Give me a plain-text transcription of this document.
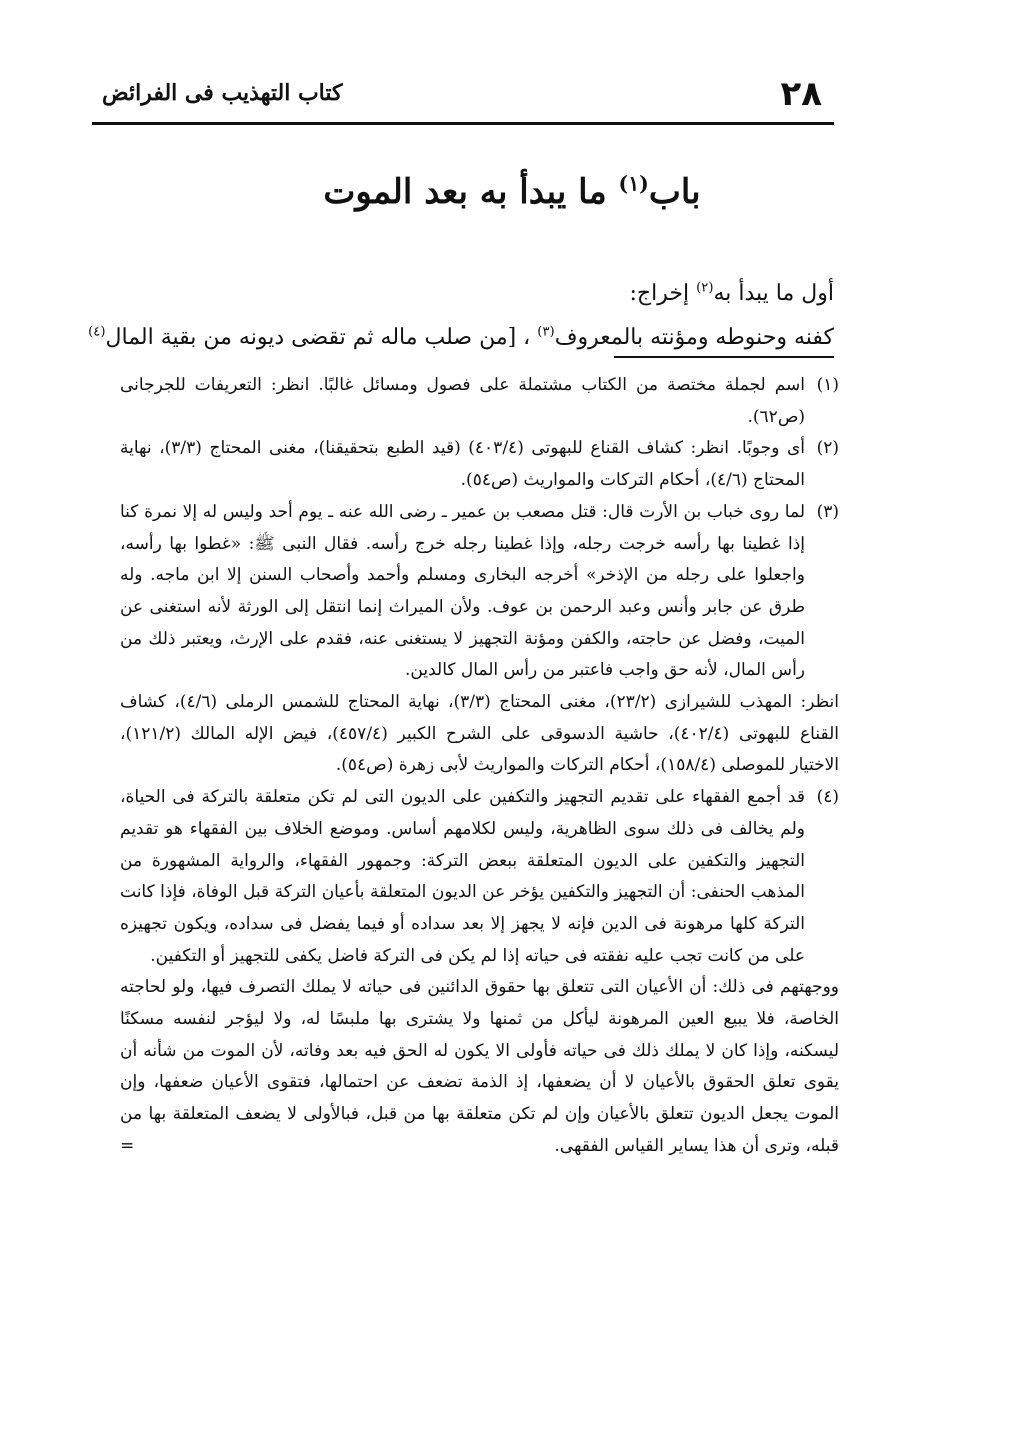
٢٨
كتاب التهذيب فى الفرائض
باب$^{(١)}$ ما يبدأ به بعد الموت
أول ما يبدأ به$^{(٢)}$ إخراج:
كفنه وحنوطه ومؤنته بالمعروف$^{(٣)}$ ، [من صلب ماله ثم تقضى ديونه من بقية المال$^{(٤)}$
(١)

اسم لجملة مختصة من الكتاب مشتملة على فصول ومسائل غالبًا. انظر: التعريفات للجرجانى (ص٦٢).

(٢)

أى وجوبًا. انظر: كشاف القناع للبهوتى (٤٠٣/٤) (قيد الطبع بتحقيقنا)، مغنى المحتاج (٣/٣)، نهاية المحتاج (٤/٦)، أحكام التركات والمواريث (ص٥٤).

(٣)

لما روى خباب بن الأرت قال: قتل مصعب بن عمير ـ رضى الله عنه ـ يوم أحد وليس له إلا نمرة كنا إذا غطينا بها رأسه خرجت رجله، وإذا غطينا رجله خرج رأسه. فقال النبى ﷺ: «غطوا بها رأسه، واجعلوا على رجله من الإذخر» أخرجه البخارى ومسلم وأحمد وأصحاب السنن إلا ابن ماجه. وله طرق عن جابر وأنس وعبد الرحمن بن عوف. ولأن الميراث إنما انتقل إلى الورثة لأنه استغنى عن الميت، وفضل عن حاجته، والكفن ومؤنة التجهيز لا يستغنى عنه، فقدم على الإرث، ويعتبر ذلك من رأس المال، لأنه حق واجب فاعتبر من رأس المال كالدين.

انظر: المهذب للشيرازى (٢٣/٢)، مغنى المحتاج (٣/٣)، نهاية المحتاج للشمس الرملى (٤/٦)، كشاف القناع للبهوتى (٤٠٢/٤)، حاشية الدسوقى على الشرح الكبير (٤٥٧/٤)، فيض الإله المالك (١٢١/٢)، الاختيار للموصلى (١٥٨/٤)، أحكام التركات والمواريث لأبى زهرة (ص٥٤).

(٤)

قد أجمع الفقهاء على تقديم التجهيز والتكفين على الديون التى لم تكن متعلقة بالتركة فى الحياة، ولم يخالف فى ذلك سوى الظاهرية، وليس لكلامهم أساس. وموضع الخلاف بين الفقهاء هو تقديم التجهيز والتكفين على الديون المتعلقة ببعض التركة: وجمهور الفقهاء، والرواية المشهورة من المذهب الحنفى: أن التجهيز والتكفين يؤخر عن الديون المتعلقة بأعيان التركة قبل الوفاة، فإذا كانت التركة كلها مرهونة فى الدين فإنه لا يجهز إلا بعد سداده أو فيما يفضل فى سداده، ويكون تجهيزه على من كانت تجب عليه نفقته فى حياته إذا لم يكن فى التركة فاضل يكفى للتجهيز أو التكفين.

ووجهتهم فى ذلك: أن الأعيان التى تتعلق بها حقوق الدائنين فى حياته لا يملك التصرف فيها، ولو لحاجته الخاصة، فلا يبيع العين المرهونة ليأكل من ثمنها ولا يشترى بها ملبسًا له، ولا ليؤجر لنفسه مسكنًا ليسكنه، وإذا كان لا يملك ذلك فى حياته فأولى الا يكون له الحق فيه بعد وفاته، لأن الموت من شأنه أن يقوى تعلق الحقوق بالأعيان لا أن يضعفها، إذ الذمة تضعف عن احتمالها، فتقوى الأعيان ضعفها، وإن الموت يجعل الديون تتعلق بالأعيان وإن لم تكن متعلقة بها من قبل، فبالأولى لا يضعف المتعلقة بها من قبله، وترى أن هذا يساير القياس الفقهى.

=
